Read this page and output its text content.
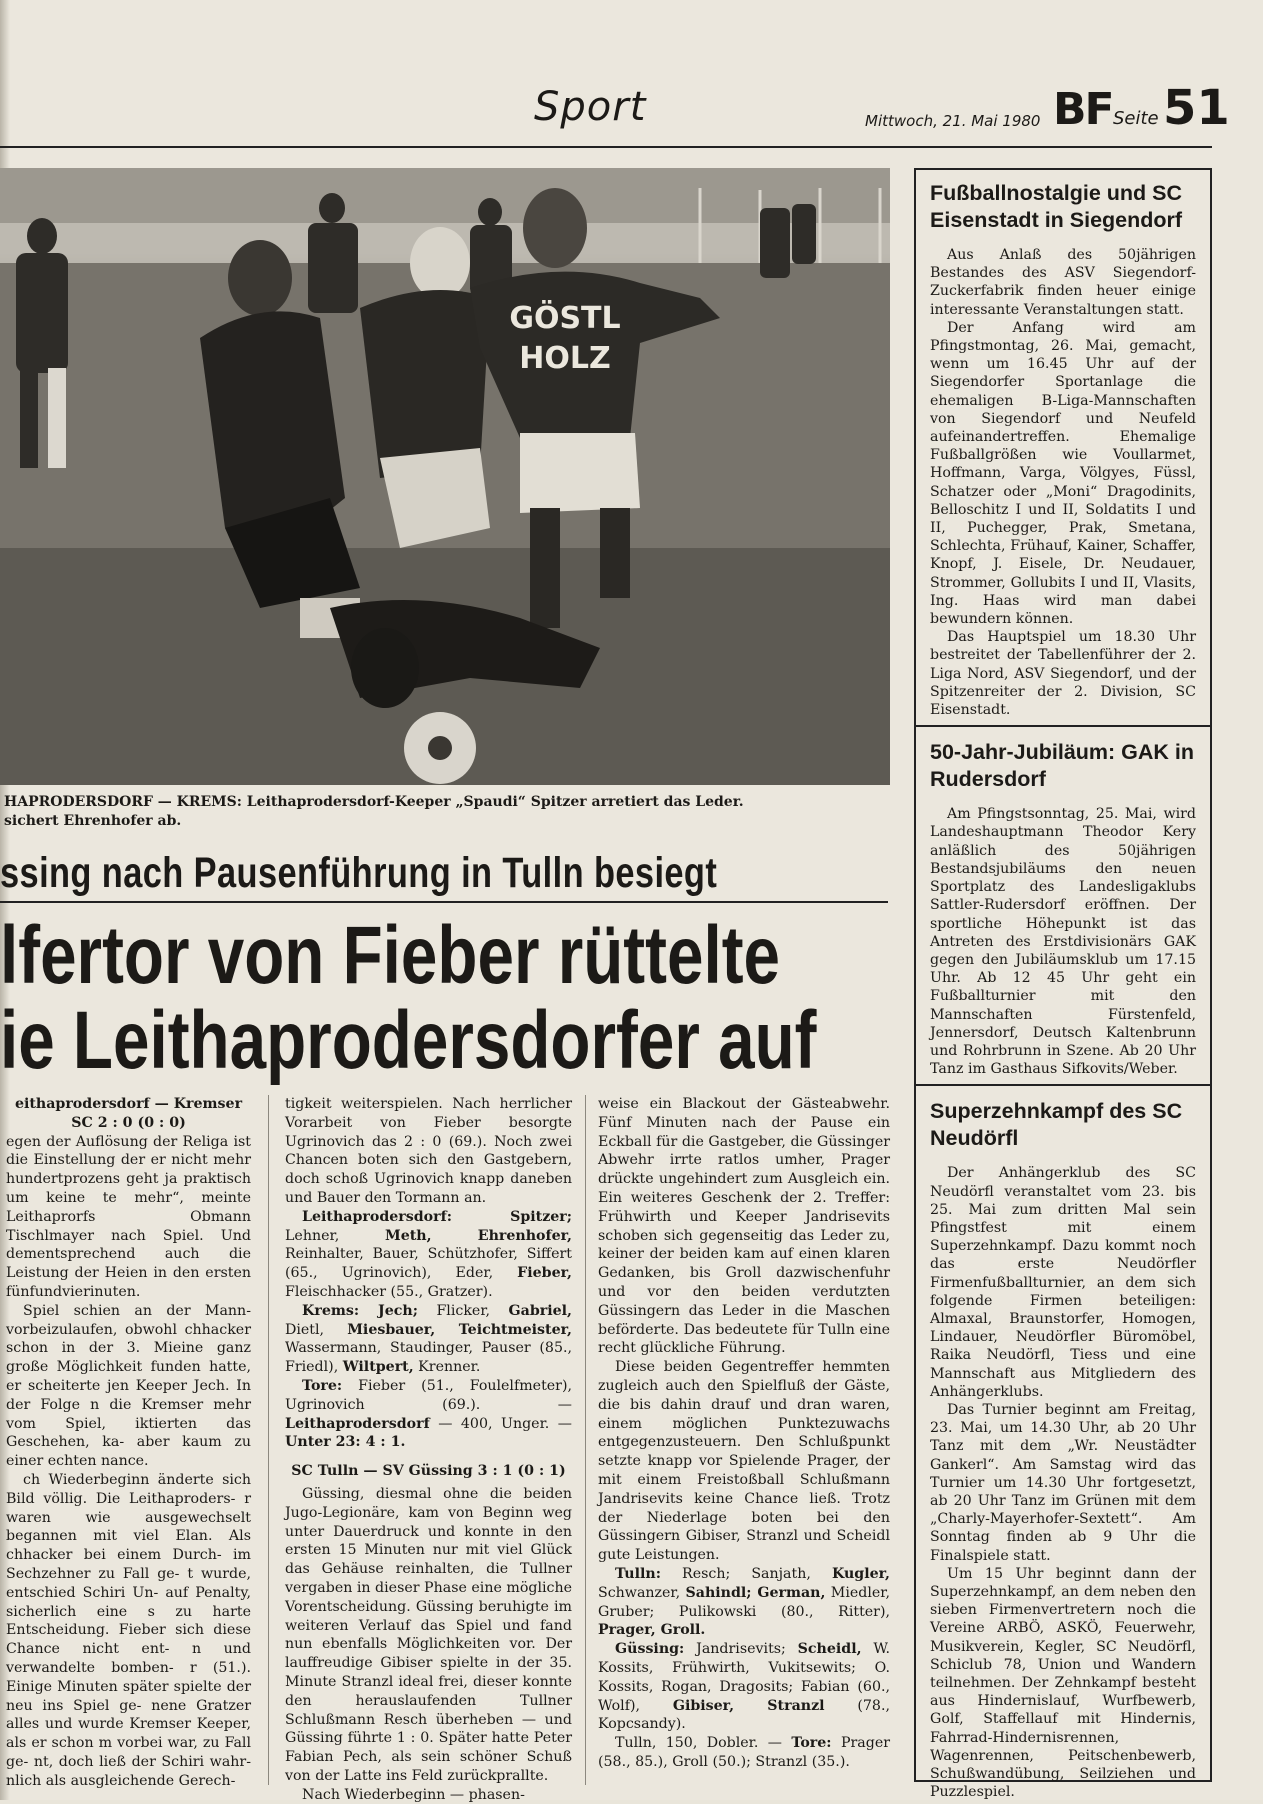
Sport	Mittwoch, 21. Mai 1980 BF Seite 51
GÖSTL
HOLZ
HAPRODERSDORF — KREMS: Leithaprodersdorf-Keeper „Spaudi“ Spitzer arretiert das Leder.
sichert Ehrenhofer ab.
ssing nach Pausenführung in Tulln besiegt
lfertor von Fieber rüttelte
ie Leithaprodersdorfer auf

eithaprodersdorf — Kremser SC 2 : 0 (0 : 0)

egen der Auflösung der Religa ist die Einstellung der er nicht mehr hundertprozens geht ja praktisch um keine te mehr“, meinte Leithaprorfs Obmann Tischlmayer nach Spiel. Und dementsprechend auch die Leistung der Heien in den ersten fünfundvierinuten.

Spiel schien an der Mann- vorbeizulaufen, obwohl chhacker schon in der 3. Mieine ganz große Möglichkeit funden hatte, er scheiterte jen Keeper Jech. In der Folge n die Kremser mehr vom Spiel, iktierten das Geschehen, ka- aber kaum zu einer echten nance.

ch Wiederbeginn änderte sich Bild völlig. Die Leithaproders- r waren wie ausgewechselt begannen mit viel Elan. Als chhacker bei einem Durch- im Sechzehner zu Fall ge- t wurde, entschied Schiri Un- auf Penalty, sicherlich eine s zu harte Entscheidung. Fieber sich diese Chance nicht ent- n und verwandelte bomben- r (51.). Einige Minuten später spielte der neu ins Spiel ge- nene Gratzer alles und wurde Kremser Keeper, als er schon m vorbei war, zu Fall ge- nt, doch ließ der Schiri wahr- nlich als ausgleichende Gerech-

tigkeit weiterspielen. Nach herrlicher Vorarbeit von Fieber besorgte Ugrinovich das 2 : 0 (69.). Noch zwei Chancen boten sich den Gastgebern, doch schoß Ugrinovich knapp daneben und Bauer den Tormann an.

Leithaprodersdorf: Spitzer; Lehner, Meth, Ehrenhofer, Reinhalter, Bauer, Schützhofer, Siffert (65., Ugrinovich), Eder, Fieber, Fleischhacker (55., Gratzer).

Krems: Jech; Flicker, Gabriel, Dietl, Miesbauer, Teichtmeister, Wassermann, Staudinger, Pauser (85., Friedl), Wiltpert, Krenner.

Tore: Fieber (51., Foulelfmeter), Ugrinovich (69.). — Leithaprodersdorf — 400, Unger. — Unter 23: 4 : 1.

SC Tulln — SV Güssing 3 : 1 (0 : 1)

Güssing, diesmal ohne die beiden Jugo-Legionäre, kam von Beginn weg unter Dauerdruck und konnte in den ersten 15 Minuten nur mit viel Glück das Gehäuse reinhalten, die Tullner vergaben in dieser Phase eine mögliche Vorentscheidung. Güssing beruhigte im weiteren Verlauf das Spiel und fand nun ebenfalls Möglichkeiten vor. Der lauffreudige Gibiser spielte in der 35. Minute Stranzl ideal frei, dieser konnte den herauslaufenden Tullner Schlußmann Resch überheben — und Güssing führte 1 : 0. Später hatte Peter Fabian Pech, als sein schöner Schuß von der Latte ins Feld zurückprallte.

Nach Wiederbeginn — phasen-

weise ein Blackout der Gästeabwehr. Fünf Minuten nach der Pause ein Eckball für die Gastgeber, die Güssinger Abwehr irrte ratlos umher, Prager drückte ungehindert zum Ausgleich ein. Ein weiteres Geschenk der 2. Treffer: Frühwirth und Keeper Jandrisevits schoben sich gegenseitig das Leder zu, keiner der beiden kam auf einen klaren Gedanken, bis Groll dazwischenfuhr und vor den beiden verdutzten Güssingern das Leder in die Maschen beförderte. Das bedeutete für Tulln eine recht glückliche Führung.

Diese beiden Gegentreffer hemmten zugleich auch den Spielfluß der Gäste, die bis dahin drauf und dran waren, einem möglichen Punktezuwachs entgegenzusteuern. Den Schlußpunkt setzte knapp vor Spielende Prager, der mit einem Freistoßball Schlußmann Jandrisevits keine Chance ließ. Trotz der Niederlage boten bei den Güssingern Gibiser, Stranzl und Scheidl gute Leistungen.

Tulln: Resch; Sanjath, Kugler, Schwanzer, Sahindl; German, Miedler, Gruber; Pulikowski (80., Ritter), Prager, Groll.

Güssing: Jandrisevits; Scheidl, W. Kossits, Frühwirth, Vukitsewits; O. Kossits, Rogan, Dragosits; Fabian (60., Wolf), Gibiser, Stranzl (78., Kopcsandy).

Tulln, 150, Dobler. — Tore: Prager (58., 85.), Groll (50.); Stranzl (35.).

Fußballnostalgie und SC Eisenstadt in Siegendorf

Aus Anlaß des 50jährigen Bestandes des ASV Siegendorf-Zuckerfabrik finden heuer einige interessante Veranstaltungen statt.

Der Anfang wird am Pfingstmontag, 26. Mai, gemacht, wenn um 16.45 Uhr auf der Siegendorfer Sportanlage die ehemaligen B-Liga-Mannschaften von Siegendorf und Neufeld aufeinandertreffen. Ehemalige Fußballgrößen wie Voullarmet, Hoffmann, Varga, Völgyes, Füssl, Schatzer oder „Moni“ Dragodinits, Belloschitz I und II, Soldatits I und II, Puchegger, Prak, Smetana, Schlechta, Frühauf, Kainer, Schaffer, Knopf, J. Eisele, Dr. Neudauer, Strommer, Gollubits I und II, Vlasits, Ing. Haas wird man dabei bewundern können.

Das Hauptspiel um 18.30 Uhr bestreitet der Tabellenführer der 2. Liga Nord, ASV Siegendorf, und der Spitzenreiter der 2. Division, SC Eisenstadt.

50-Jahr-Jubiläum: GAK in Rudersdorf

Am Pfingstsonntag, 25. Mai, wird Landeshauptmann Theodor Kery anläßlich des 50jährigen Bestandsjubiläums den neuen Sportplatz des Landesligaklubs Sattler-Rudersdorf eröffnen. Der sportliche Höhepunkt ist das Antreten des Erstdivisionärs GAK gegen den Jubiläumsklub um 17.15 Uhr. Ab 12 45 Uhr geht ein Fußballturnier mit den Mannschaften Fürstenfeld, Jennersdorf, Deutsch Kaltenbrunn und Rohrbrunn in Szene. Ab 20 Uhr Tanz im Gasthaus Sifkovits/Weber.

Superzehnkampf des SC Neudörfl

Der Anhängerklub des SC Neudörfl veranstaltet vom 23. bis 25. Mai zum dritten Mal sein Pfingstfest mit einem Superzehnkampf. Dazu kommt noch das erste Neudörfler Firmenfußballturnier, an dem sich folgende Firmen beteiligen: Almaxal, Braunstorfer, Homogen, Lindauer, Neudörfler Büromöbel, Raika Neudörfl, Tiess und eine Mannschaft aus Mitgliedern des Anhängerklubs.

Das Turnier beginnt am Freitag, 23. Mai, um 14.30 Uhr, ab 20 Uhr Tanz mit dem „Wr. Neustädter Gankerl“. Am Samstag wird das Turnier um 14.30 Uhr fortgesetzt, ab 20 Uhr Tanz im Grünen mit dem „Charly-Mayerhofer-Sextett“. Am Sonntag finden ab 9 Uhr die Finalspiele statt.

Um 15 Uhr beginnt dann der Superzehnkampf, an dem neben den sieben Firmenvertretern noch die Vereine ARBÖ, ASKÖ, Feuerwehr, Musikverein, Kegler, SC Neudörfl, Schiclub 78, Union und Wandern teilnehmen. Der Zehnkampf besteht aus Hindernislauf, Wurfbewerb, Golf, Staffellauf mit Hindernis, Fahrrad-Hindernisrennen, Wagenrennen, Peitschenbewerb, Schußwandübung, Seilziehen und Puzzlespiel.
